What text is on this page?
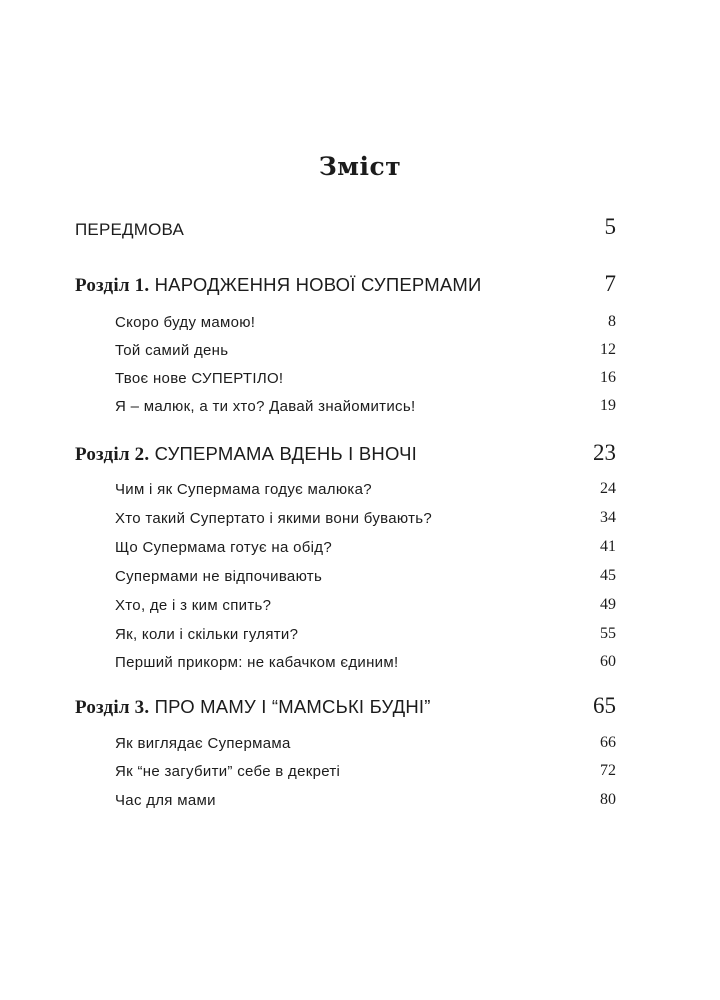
Зміст
ПЕРЕДМОВА	5
Розділ 1. НАРОДЖЕННЯ НОВОЇ СУПЕРМАМИ	7
Скоро буду мамою!	8
Той самий день	12
Твоє нове СУПЕРТІЛО!	16
Я – малюк, а ти хто? Давай знайомитись!	19
Розділ 2. СУПЕРМАМА ВДЕНЬ І ВНОЧІ	23
Чим і як Супермама годує малюка?	24
Хто такий Супертато і якими вони бувають?	34
Що Супермама готує на обід?	41
Супермами не відпочивають	45
Хто, де і з ким спить?	49
Як, коли і скільки гуляти?	55
Перший прикорм: не кабачком єдиним!	60
Розділ 3. ПРО МАМУ І “МАМСЬКІ БУДНІ”	65
Як виглядає Супермама	66
Як “не загубити” себе в декреті	72
Час для мами	80
